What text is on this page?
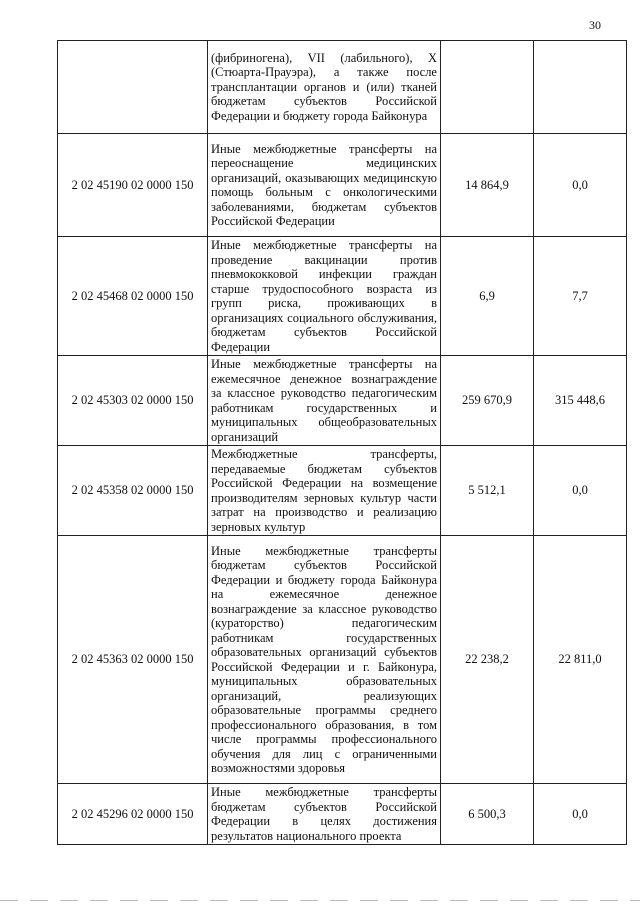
30
	(фибриногена), VII (лабильного), X (Стюарта-Прауэра), а также после трансплантации органов и (или) тканей бюджетам субъектов Российской Федерации и бюджету города Байконура		
2 02 45190 02 0000 150	Иные межбюджетные трансферты на переоснащение медицинских организаций, оказывающих медицинскую помощь больным с онкологическими заболеваниями, бюджетам субъектов Российской Федерации	14 864,9	0,0
2 02 45468 02 0000 150	Иные межбюджетные трансферты на проведение вакцинации против пневмококковой инфекции граждан старше трудоспособного возраста из групп риска, проживающих в организациях социального обслуживания, бюджетам субъектов Российской Федерации	6,9	7,7
2 02 45303 02 0000 150	Иные межбюджетные трансферты на ежемесячное денежное вознаграждение за классное руководство педагогическим работникам государственных и муниципальных общеобразовательных организаций	259 670,9	315 448,6
2 02 45358 02 0000 150	Межбюджетные трансферты, передаваемые бюджетам субъектов Российской Федерации на возмещение производителям зерновых культур части затрат на производство и реализацию зерновых культур	5 512,1	0,0
2 02 45363 02 0000 150	Иные межбюджетные трансферты бюджетам субъектов Российской Федерации и бюджету города Байконура на ежемесячное денежное вознаграждение за классное руководство (кураторство) педагогическим работникам государственных образовательных организаций субъектов Российской Федерации и г. Байконура, муниципальных образовательных организаций, реализующих образовательные программы среднего профессионального образования, в том числе программы профессионального обучения для лиц с ограниченными возможностями здоровья	22 238,2	22 811,0
2 02 45296 02 0000 150	Иные межбюджетные трансферты бюджетам субъектов Российской Федерации в целях достижения результатов национального проекта	6 500,3	0,0
